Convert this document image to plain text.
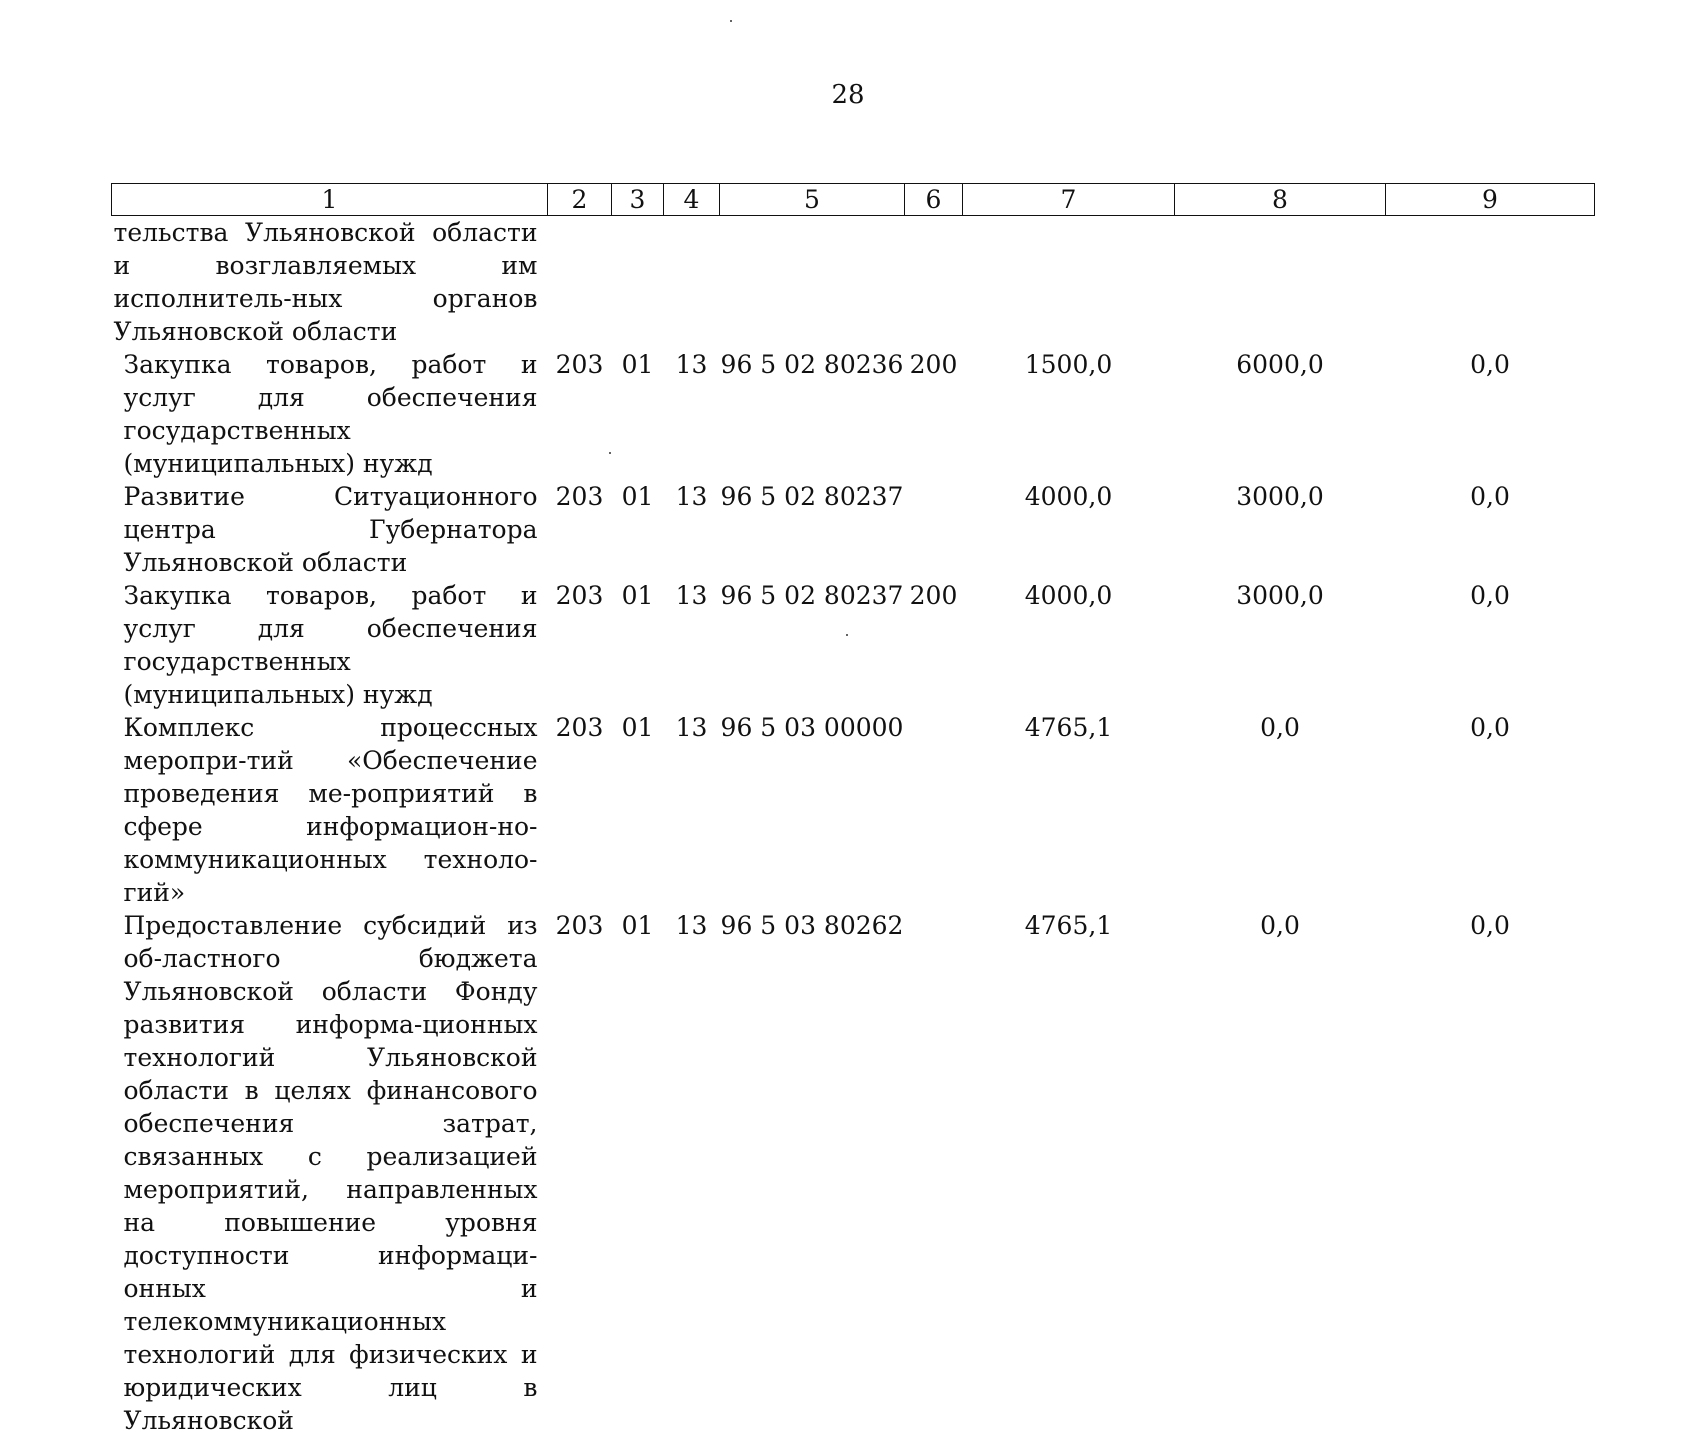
28
1	2	3	4	5	6	7	8	9
тельства Ульяновской области и возглавляемых им исполнитель-ных органов Ульяновской области								
Закупка товаров, работ и услуг для обеспечения государственных (муниципальных) нужд	203	01	13	96 5 02 80236	200	1500,0	6000,0	0,0
Развитие Ситуационного центра Губернатора Ульяновской области	203	01	13	96 5 02 80237		4000,0	3000,0	0,0
Закупка товаров, работ и услуг для обеспечения государственных (муниципальных) нужд	203	01	13	96 5 02 80237	200	4000,0	3000,0	0,0
Комплекс процессных меропри-тий «Обеспечение проведения ме-роприятий в сфере информацион-но-коммуникационных техноло-гий»	203	01	13	96 5 03 00000		4765,1	0,0	0,0
Предоставление субсидий из об-ластного бюджета Ульяновской области Фонду развития информа-ционных технологий Ульяновской области в целях финансового обеспечения затрат, связанных с реализацией мероприятий, направленных на повышение уровня доступности информаци-онных и телекоммуникационных технологий для физических и юридических лиц в Ульяновской	203	01	13	96 5 03 80262		4765,1	0,0	0,0
